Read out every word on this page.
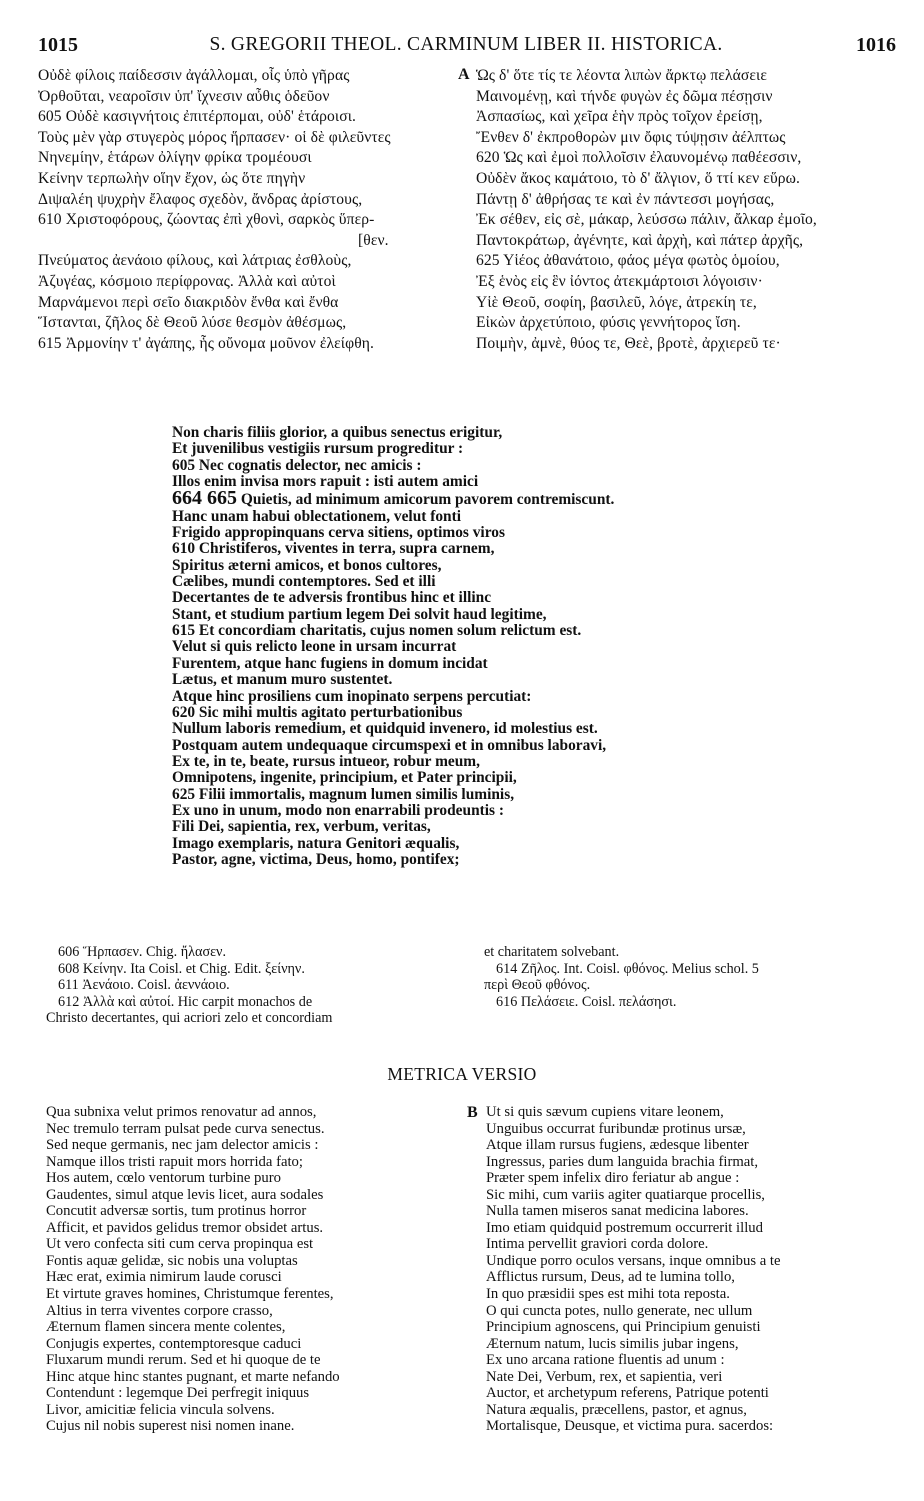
1015	S. GREGORII THEOL. CARMINUM LIBER II. HISTORICA.	1016
Οὐδὲ φίλοις παίδεσσιν ἀγάλλομαι, οἷς ὑπὸ γῆρας
Ὀρθοῦται, νεαροῖσιν ὑπ' ἴχνεσιν αὖθις ὁδεῦον
605 Οὐδὲ κασιγνήτοις ἐπιτέρπομαι, οὐδ' ἑτάροισι.
Τοὺς μὲν γὰρ στυγερὸς μόρος ἥρπασεν· οἱ δὲ φιλεῦντες
Νηνεμίην, ἑτάρων ὀλίγην φρίκα τρομέουσι
Κείνην τερπωλὴν οἵην ἔχον, ὡς ὅτε πηγὴν
Διψαλέη ψυχρὴν ἔλαφος σχεδὸν, ἄνδρας ἀρίστους,
610 Χριστοφόρους, ζώοντας ἐπὶ χθονὶ, σαρκὸς ὕπερ-
[θεν.
Πνεύματος ἀενάοιο φίλους, καὶ λάτριας ἐσθλοὺς,
Ἀζυγέας, κόσμοιο περίφρονας. Ἀλλὰ καὶ αὐτοὶ
Μαρνάμενοι περὶ σεῖο διακριδὸν ἔνθα καὶ ἔνθα
Ἵστανται, ζῆλος δὲ Θεοῦ λύσε θεσμὸν ἀθέσμως,
615 Ἀρμονίην τ' ἀγάπης, ἧς οὔνομα μοῦνον ἐλείφθη.
A Ὡς δ' ὅτε τίς τε λέοντα λιπὼν ἄρκτῳ πελάσειε
Μαινομένῃ, καὶ τήνδε φυγὼν ἐς δῶμα πέσῃσιν
Ἀσπασίως, καὶ χεῖρα ἑὴν πρὸς τοῖχον ἐρείσῃ,
Ἔνθεν δ' ἐκπροθορὼν μιν ὄφις τύψῃσιν ἀέλπτως
620 Ὡς καὶ ἐμοὶ πολλοῖσιν ἐλαυνομένῳ παθέεσσιν,
Οὐδὲν ἄκος καμάτοιο, τὸ δ' ἄλγιον, ὅ ττί κεν εὕρω.
Πάντῃ δ' ἀθρήσας τε καὶ ἐν πάντεσσι μογήσας,
Ἐκ σέθεν, εἰς σὲ, μάκαρ, λεύσσω πάλιν, ἄλκαρ ἐμοῖο,
Παντοκράτωρ, ἀγένητε, καὶ ἀρχὴ, καὶ πάτερ ἀρχῆς,
625 Υἱέος ἀθανάτοιο, φάος μέγα φωτὸς ὁμοίου,
Ἐξ ἑνὸς εἰς ἓν ἰόντος ἀτεκμάρτοισι λόγοισιν·
Υἱὲ Θεοῦ, σοφίη, βασιλεῦ, λόγε, ἀτρεκίη τε,
Εἰκὼν ἀρχετύποιο, φύσις γεννήτορος ἴση.
Ποιμὴν, ἀμνὲ, θύος τε, Θεὲ, βροτὲ, ἀρχιερεῦ τε·
Non charis filiis glorior, a quibus senectus erigitur,
Et juvenilibus vestigiis rursum progreditur :
605 Nec cognatis delector, nec amicis :
Illos enim invisa mors rapuit : isti autem amici
664 665 Quietis, ad minimum amicorum pavorem contremiscunt.
Hanc unam habui oblectationem, velut fonti
Frigido appropinquans cerva sitiens, optimos viros
610 Christiferos, viventes in terra, supra carnem,
Spiritus æterni amicos, et bonos cultores,
Cælibes, mundi contemptores. Sed et illi
Decertantes de te adversis frontibus hinc et illinc
Stant, et studium partium legem Dei solvit haud legitime,
615 Et concordiam charitatis, cujus nomen solum relictum est.
Velut si quis relicto leone in ursam incurrat
Furentem, atque hanc fugiens in domum incidat
Lætus, et manum muro sustentet.
Atque hinc prosiliens cum inopinato serpens percutiat:
620 Sic mihi multis agitato perturbationibus
Nullum laboris remedium, et quidquid invenero, id molestius est.
Postquam autem undequaque circumspexi et in omnibus laboravi,
Ex te, in te, beate, rursus intueor, robur meum,
Omnipotens, ingenite, principium, et Pater principii,
625 Filii immortalis, magnum lumen similis luminis,
Ex uno in unum, modo non enarrabili prodeuntis :
Fili Dei, sapientia, rex, verbum, veritas,
Imago exemplaris, natura Genitori æqualis,
Pastor, agne, victima, Deus, homo, pontifex;
606 Ἥρπασεν. Chig. ἤλασεν.
608 Κείνην. Ita Coisl. et Chig. Edit. ξείνην.
611 Ἀενάοιο. Coisl. ἀεννάοιο.
612 Ἀλλὰ καὶ αὐτοί. Hic carpit monachos de
Christo decertantes, qui acriori zelo et concordiam
et charitatem solvebant.
614 Ζῆλος. Int. Coisl. φθόνος. Melius schol. 5
περὶ Θεοῦ φθόνος.
616 Πελάσειε. Coisl. πελάσησι.
METRICA VERSIO
Qua subnixa velut primos renovatur ad annos,
Nec tremulo terram pulsat pede curva senectus.
Sed neque germanis, nec jam delector amicis :
Namque illos tristi rapuit mors horrida fato;
Hos autem, cœlo ventorum turbine puro
Gaudentes, simul atque levis licet, aura sodales
Concutit adversæ sortis, tum protinus horror
Afficit, et pavidos gelidus tremor obsidet artus.
Ut vero confecta siti cum cerva propinqua est
Fontis aquæ gelidæ, sic nobis una voluptas
Hæc erat, eximia nimirum laude corusci
Et virtute graves homines, Christumque ferentes,
Altius in terra viventes corpore crasso,
Æternum flamen sincera mente colentes,
Conjugis expertes, contemptoresque caduci
Fluxarum mundi rerum. Sed et hi quoque de te
Hinc atque hinc stantes pugnant, et marte nefando
Contendunt : legemque Dei perfregit iniquus
Livor, amicitiæ felicia vincula solvens.
Cujus nil nobis superest nisi nomen inane.
B Ut si quis sævum cupiens vitare leonem,
Unguibus occurrat furibundæ protinus ursæ,
Atque illam rursus fugiens, ædesque libenter
Ingressus, paries dum languida brachia firmat,
Præter spem infelix diro feriatur ab angue :
Sic mihi, cum variis agiter quatiarque procellis,
Nulla tamen miseros sanat medicina labores.
Imo etiam quidquid postremum occurrerit illud
Intima pervellit graviori corda dolore.
Undique porro oculos versans, inque omnibus a te
Afflictus rursum, Deus, ad te lumina tollo,
In quo præsidii spes est mihi tota reposta.
O qui cuncta potes, nullo generate, nec ullum
Principium agnoscens, qui Principium genuisti
Æternum natum, lucis similis jubar ingens,
Ex uno arcana ratione fluentis ad unum :
Nate Dei, Verbum, rex, et sapientia, veri
Auctor, et archetypum referens, Patrique potenti
Natura æqualis, præcellens, pastor, et agnus,
Mortalisque, Deusque, et victima pura. sacerdos:
